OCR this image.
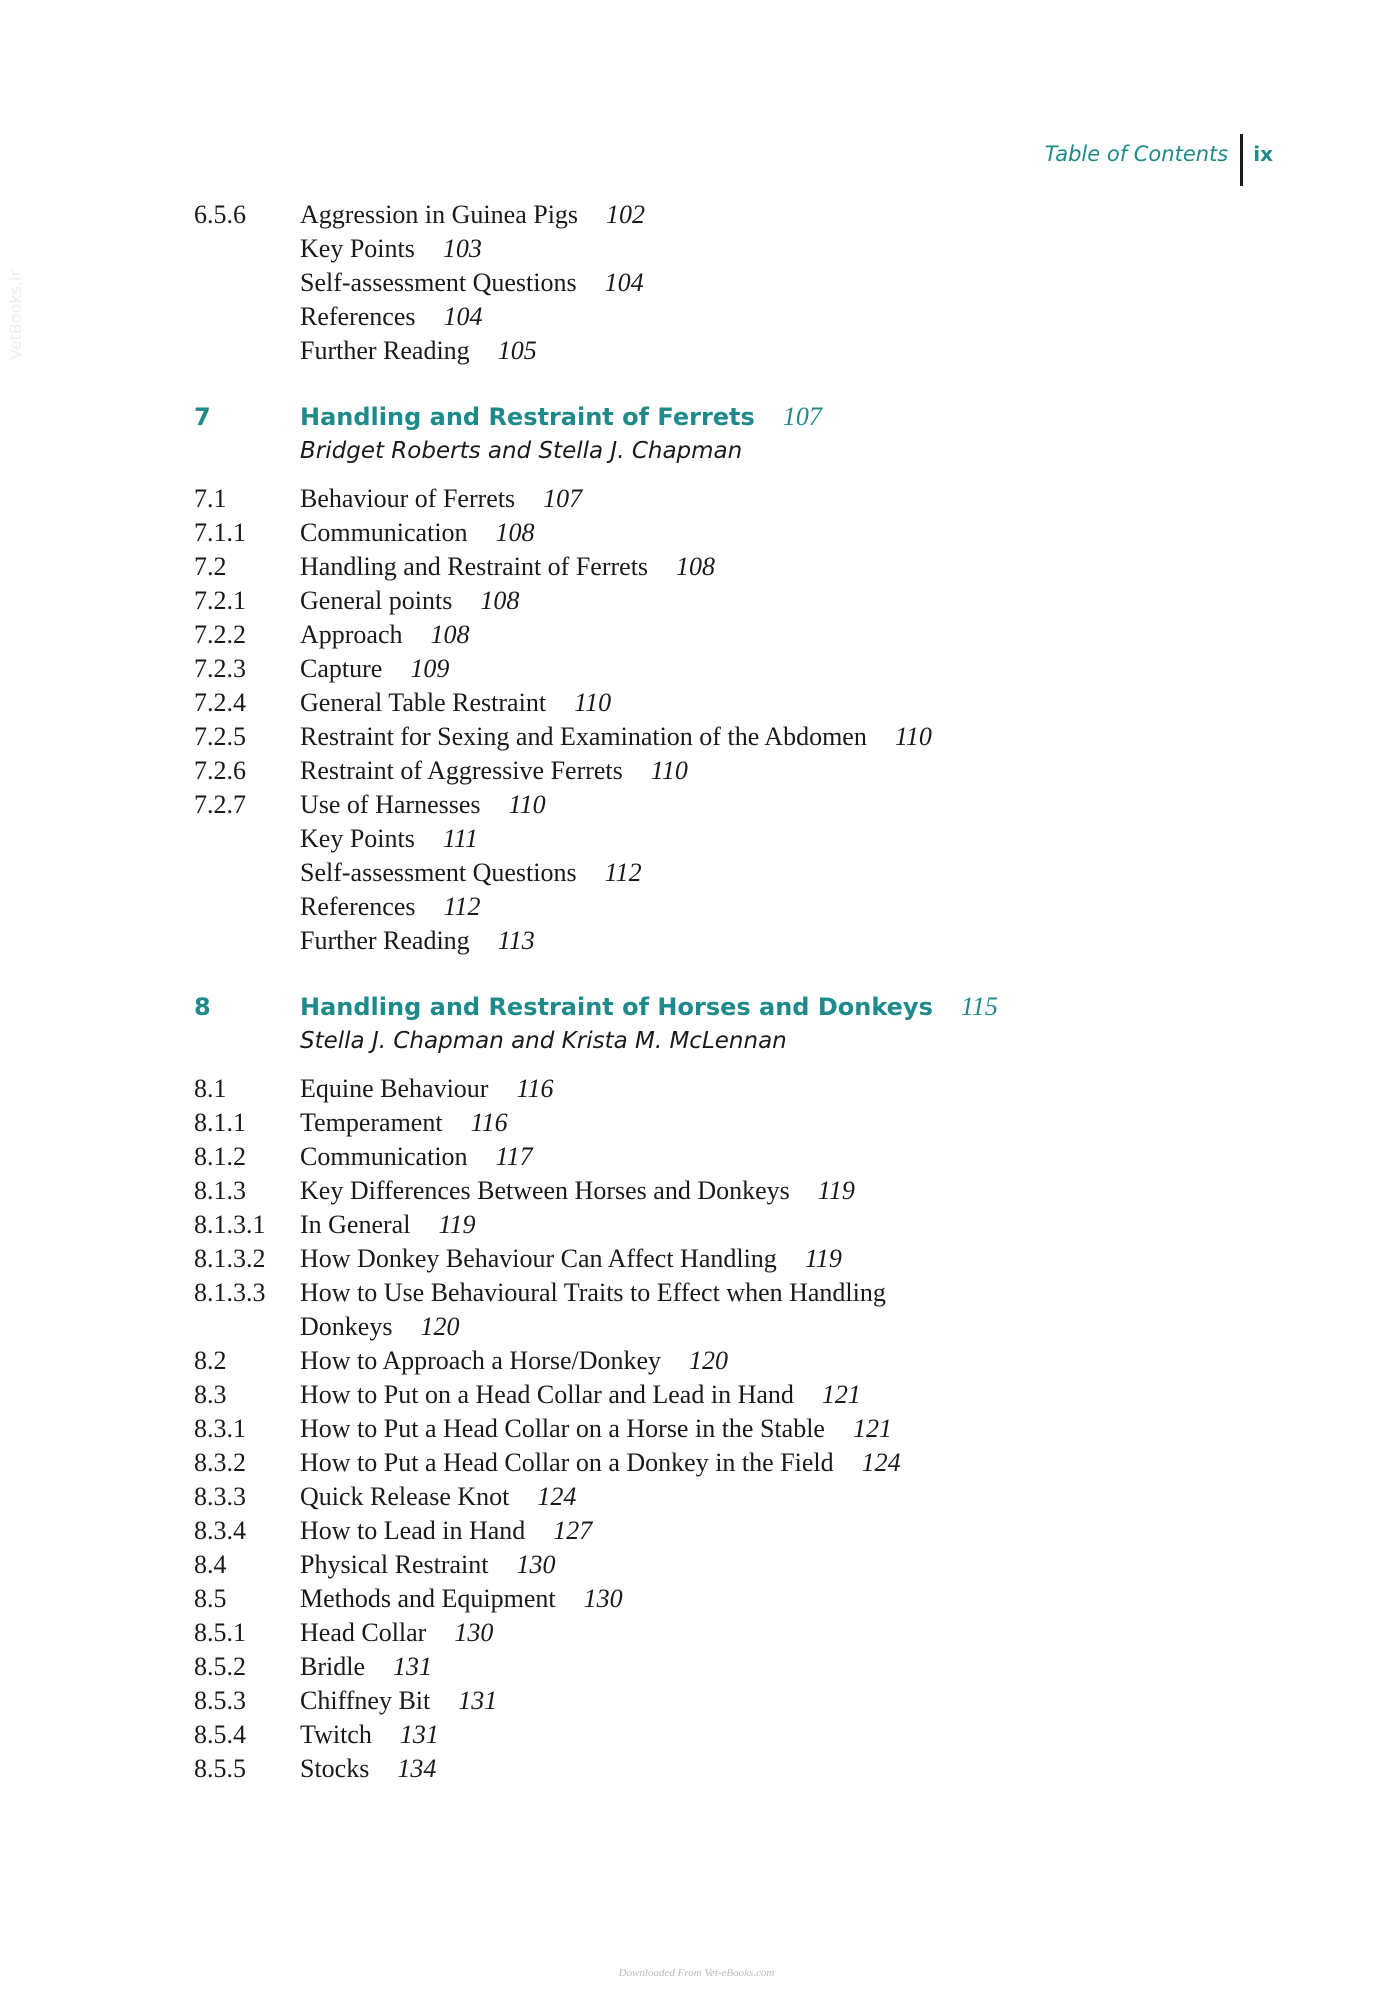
Table of Contents ix
VetBooks.ir
6.5.6	Aggression in Guinea Pigs 102
Key Points 103
Self-assessment Questions 104
References 104
Further Reading 105
7	Handling and Restraint of Ferrets 107
Bridget Roberts and Stella J. Chapman
7.1	Behaviour of Ferrets 107
7.1.1	Communication 108
7.2	Handling and Restraint of Ferrets 108
7.2.1	General points 108
7.2.2	Approach 108
7.2.3	Capture 109
7.2.4	General Table Restraint 110
7.2.5	Restraint for Sexing and Examination of the Abdomen 110
7.2.6	Restraint of Aggressive Ferrets 110
7.2.7	Use of Harnesses 110
Key Points 111
Self-assessment Questions 112
References 112
Further Reading 113
8	Handling and Restraint of Horses and Donkeys 115
Stella J. Chapman and Krista M. McLennan
8.1	Equine Behaviour 116
8.1.1	Temperament 116
8.1.2	Communication 117
8.1.3	Key Differences Between Horses and Donkeys 119
8.1.3.1	In General 119
8.1.3.2	How Donkey Behaviour Can Affect Handling 119
8.1.3.3	How to Use Behavioural Traits to Effect when Handling
Donkeys 120
8.2	How to Approach a Horse/Donkey 120
8.3	How to Put on a Head Collar and Lead in Hand 121
8.3.1	How to Put a Head Collar on a Horse in the Stable 121
8.3.2	How to Put a Head Collar on a Donkey in the Field 124
8.3.3	Quick Release Knot 124
8.3.4	How to Lead in Hand 127
8.4	Physical Restraint 130
8.5	Methods and Equipment 130
8.5.1	Head Collar 130
8.5.2	Bridle 131
8.5.3	Chiffney Bit 131
8.5.4	Twitch 131
8.5.5	Stocks 134
Downloaded From Vet-eBooks.com
